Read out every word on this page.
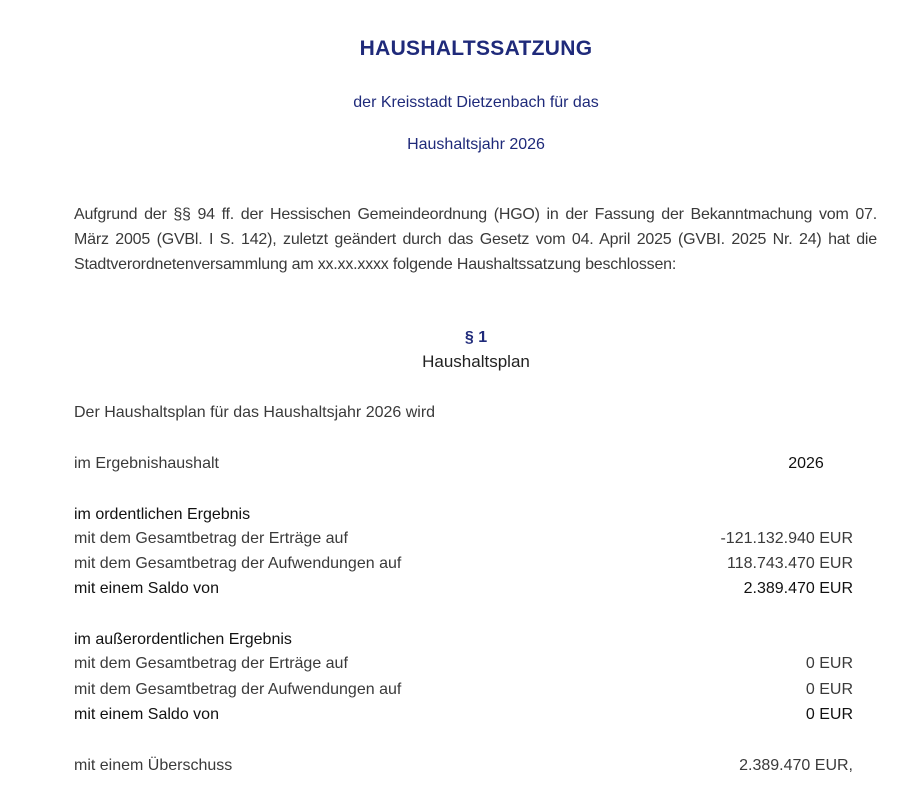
HAUSHALTSSATZUNG
der Kreisstadt Dietzenbach für das
Haushaltsjahr 2026
Aufgrund der §§ 94 ff. der Hessischen Gemeindeordnung (HGO) in der Fassung der Bekanntmachung vom 07. März 2005 (GVBl. I S. 142), zuletzt geändert durch das Gesetz vom 04. April 2025 (GVBI. 2025 Nr. 24) hat die Stadtverordnetenversammlung am xx.xx.xxxx folgende Haushaltssatzung beschlossen:
§ 1
Haushaltsplan
Der Haushaltsplan für das Haushaltsjahr 2026 wird
im Ergebnishaushalt	2026
im ordentlichen Ergebnis
mit dem Gesamtbetrag der Erträge auf	-121.132.940 EUR
mit dem Gesamtbetrag der Aufwendungen auf	118.743.470 EUR
mit einem Saldo von	2.389.470 EUR
im außerordentlichen Ergebnis
mit dem Gesamtbetrag der Erträge auf	0 EUR
mit dem Gesamtbetrag der Aufwendungen auf	0 EUR
mit einem Saldo von	0 EUR
mit einem Überschuss	2.389.470 EUR,
